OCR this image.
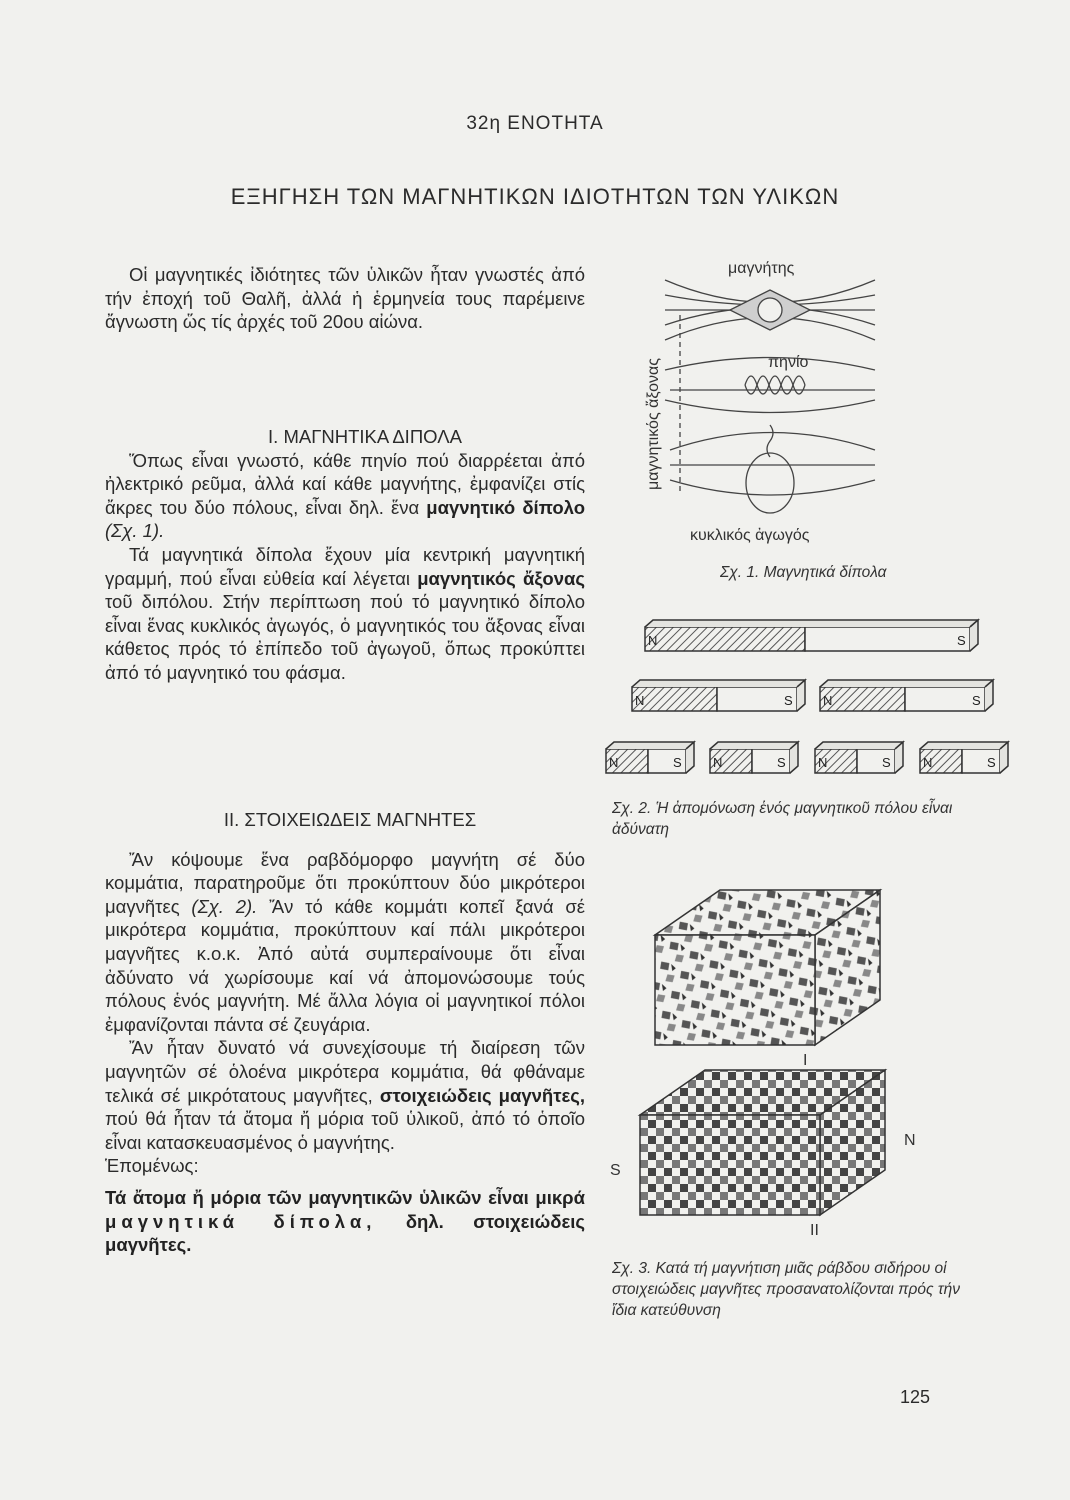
32η ΕΝΟΤΗΤΑ
ΕΞΗΓΗΣΗ ΤΩΝ ΜΑΓΝΗΤΙΚΩΝ ΙΔΙΟΤΗΤΩΝ ΤΩΝ ΥΛΙΚΩΝ

Οἱ μαγνητικές ἰδιότητες τῶν ὑλικῶν ἦταν γνωστές ἀπό τήν ἐποχή τοῦ Θαλῆ, ἀλλά ἡ ἑρμηνεία τους παρέμεινε ἄγνωστη ὥς τίς ἀρχές τοῦ 20ου αἰώνα.

Ι. ΜΑΓΝΗΤΙΚΑ ΔΙΠΟΛΑ

Ὅπως εἶναι γνωστό, κάθε πηνίο πού διαρρέεται ἀπό ἠλεκτρικό ρεῦμα, ἀλλά καί κάθε μαγνήτης, ἐμφανίζει στίς ἄκρες του δύο πόλους, εἶναι δηλ. ἕνα μαγνητικό δίπολο (Σχ. 1).

Τά μαγνητικά δίπολα ἔχουν μία κεντρική μαγνητική γραμμή, πού εἶναι εὐθεία καί λέγεται μαγνητικός ἄξονας τοῦ διπόλου. Στήν περίπτωση πού τό μαγνητικό δίπολο εἶναι ἕνας κυκλικός ἀγωγός, ὁ μαγνητικός του ἄξονας εἶναι κάθετος πρός τό ἐπίπεδο τοῦ ἀγωγοῦ, ὅπως προκύπτει ἀπό τό μαγνητικό του φάσμα.

ΙΙ. ΣΤΟΙΧΕΙΩΔΕΙΣ ΜΑΓΝΗΤΕΣ

Ἄν κόψουμε ἕνα ραβδόμορφο μαγνήτη σέ δύο κομμάτια, παρατηροῦμε ὅτι προκύπτουν δύο μικρότεροι μαγνῆτες (Σχ. 2). Ἄν τό κάθε κομμάτι κοπεῖ ξανά σέ μικρότερα κομμάτια, προκύπτουν καί πάλι μικρότεροι μαγνῆτες κ.ο.κ. Ἀπό αὐτά συμπεραίνουμε ὅτι εἶναι ἀδύνατο νά χωρίσουμε καί νά ἀπομονώσουμε τούς πόλους ἑνός μαγνήτη. Μέ ἄλλα λόγια οἱ μαγνητικοί πόλοι ἐμφανίζονται πάντα σέ ζευγάρια.

Ἄν ἦταν δυνατό νά συνεχίσουμε τή διαίρεση τῶν μαγνητῶν σέ ὁλοένα μικρότερα κομμάτια, θά φθάναμε τελικά σέ μικρότατους μαγνῆτες, στοιχειώδεις μαγνῆτες, πού θά ἦταν τά ἄτομα ἤ μόρια τοῦ ὑλικοῦ, ἀπό τό ὁποῖο εἶναι κατασκευασμένος ὁ μαγνήτης.

Ἑπομένως:

Τά ἄτομα ἤ μόρια τῶν μαγνητικῶν ὑλικῶν εἶναι μικρά μαγνητικά δίπολα, δηλ. στοιχειώδεις μαγνῆτες.

μαγνήτης
πηνίο
κυκλικός ἀγωγός
μαγνητικός ἄξονας
Σχ. 1. Μαγνητικά δίπολα
N	S
N	S N	S
N	S N	S N	S N	S
Σχ. 2. Ἡ ἀπομόνωση ἑνός μαγνητικοῦ πόλου εἶναι ἀδύνατη
I
II
N
S
Σχ. 3. Κατά τή μαγνήτιση μιᾶς ράβδου σιδήρου οἱ στοιχειώδεις μαγνῆτες προσανατολίζονται πρός τήν ἴδια κατεύθυνση
125
